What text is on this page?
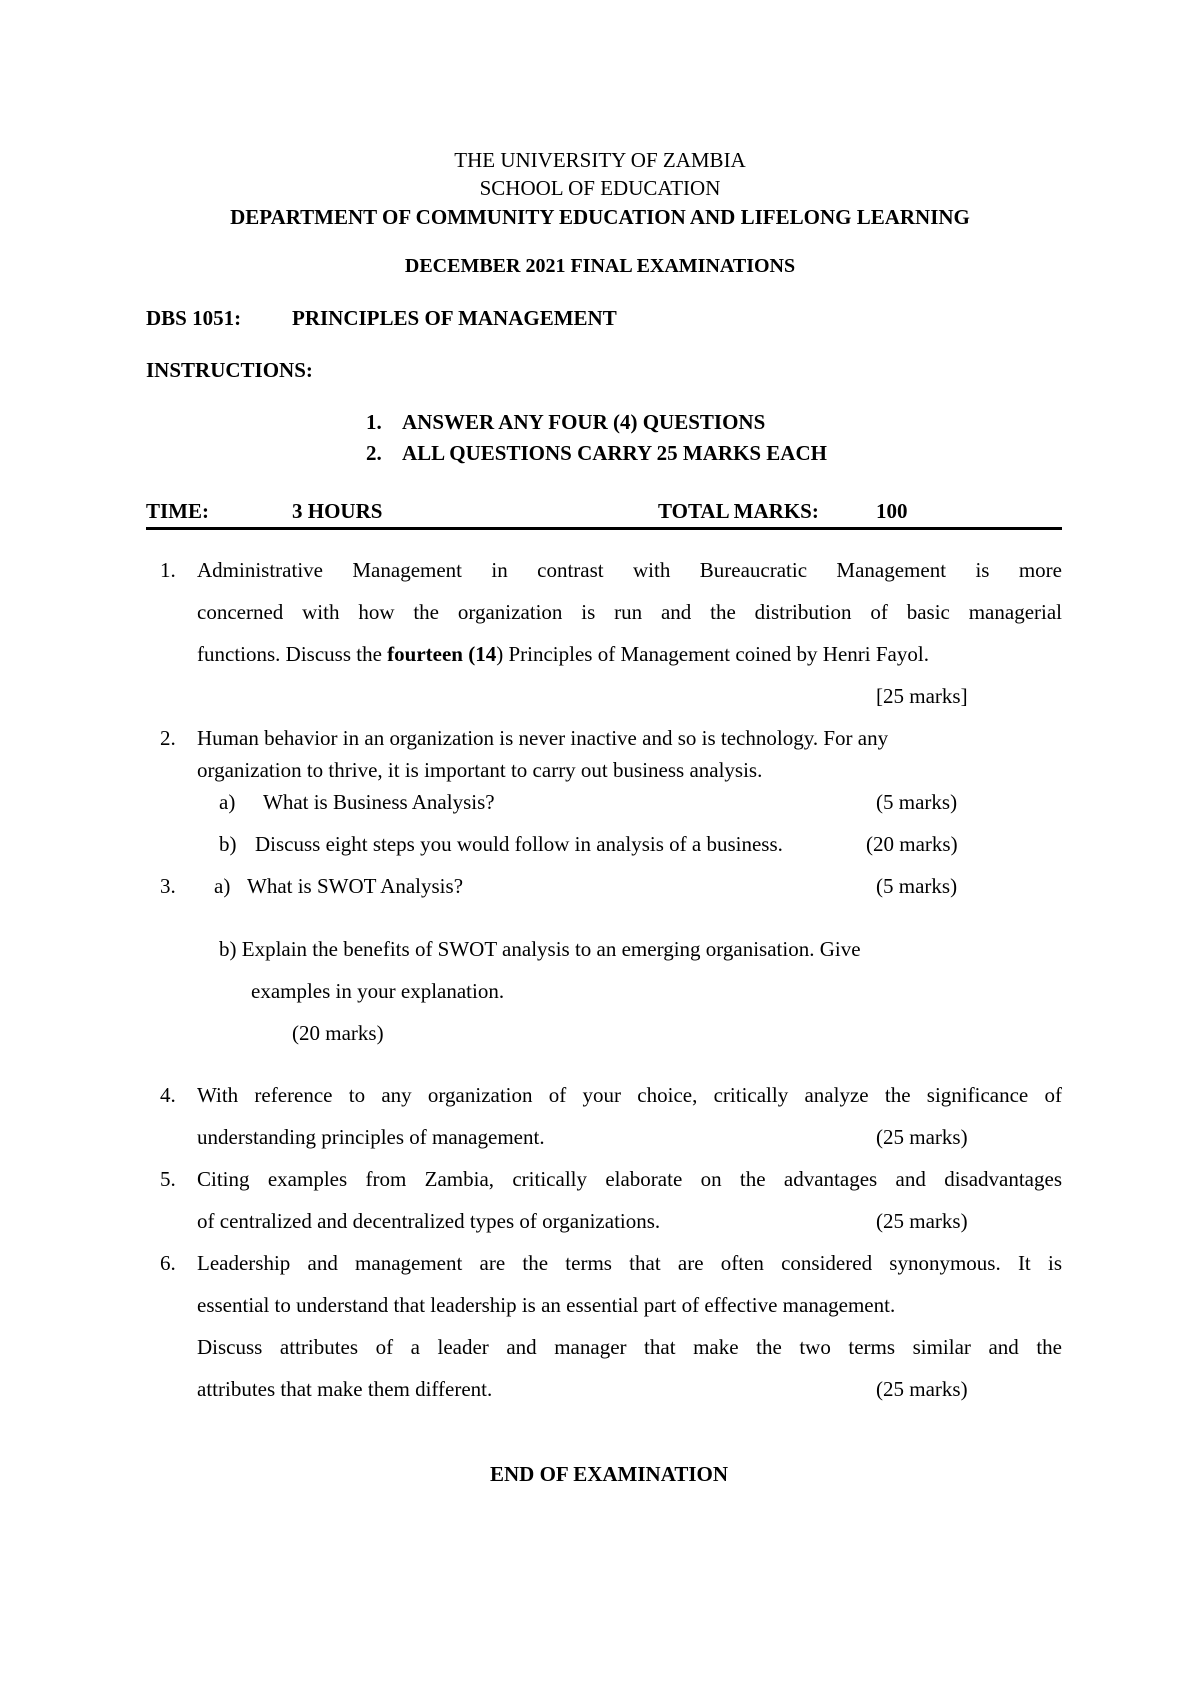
THE UNIVERSITY OF ZAMBIA
SCHOOL OF EDUCATION
DEPARTMENT OF COMMUNITY EDUCATION AND LIFELONG LEARNING
DECEMBER 2021 FINAL EXAMINATIONS
DBS 1051: PRINCIPLES OF MANAGEMENT
INSTRUCTIONS:
1. ANSWER ANY FOUR (4) QUESTIONS
2. ALL QUESTIONS CARRY 25 MARKS EACH
TIME:	3 HOURS	TOTAL MARKS:	100
1. Administrative Management in contrast with Bureaucratic Management is more
concerned with how the organization is run and the distribution of basic managerial
functions. Discuss the fourteen (14) Principles of Management coined by Henri Fayol.
[25 marks]
2. Human behavior in an organization is never inactive and so is technology. For any
organization to thrive, it is important to carry out business analysis.
a) What is Business Analysis?	(5 marks)
b) Discuss eight steps you would follow in analysis of a business.	(20 marks)
3. a) What is SWOT Analysis?	(5 marks)
b) Explain the benefits of SWOT analysis to an emerging organisation. Give
examples in your explanation.
(20 marks)
4. With reference to any organization of your choice, critically analyze the significance of
understanding principles of management.	(25 marks)
5. Citing examples from Zambia, critically elaborate on the advantages and disadvantages
of centralized and decentralized types of organizations.	(25 marks)
6. Leadership and management are the terms that are often considered synonymous. It is
essential to understand that leadership is an essential part of effective management.
Discuss attributes of a leader and manager that make the two terms similar and the
attributes that make them different.	(25 marks)
END OF EXAMINATION
